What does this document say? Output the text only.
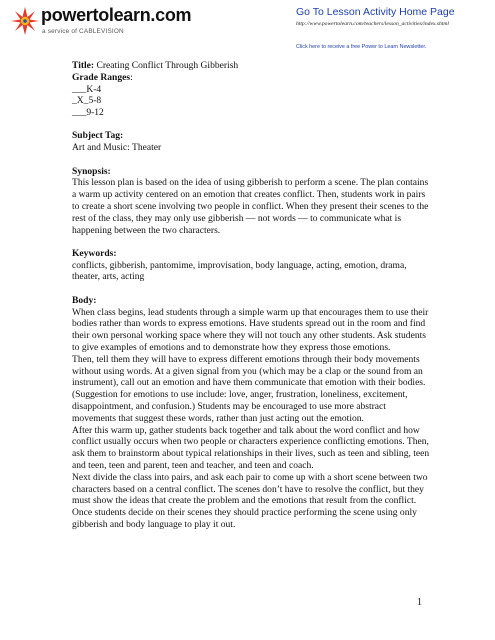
powertolearn.com
a service of CABLEVISION
Go To Lesson Activity Home Page
http://www.powertolearn.com/teachers/lesson_activities/index.shtml
Click here to receive a free Power to Learn Newsletter.

Title: Creating Conflict Through Gibberish

Grade Ranges:

___K-4

_X_5-8

___9-12

Subject Tag:

Art and Music: Theater

Synopsis:

This lesson plan is based on the idea of using gibberish to perform a scene. The plan contains a warm up activity centered on an emotion that creates conflict. Then, students work in pairs to create a short scene involving two people in conflict. When they present their scenes to the rest of the class, they may only use gibberish — not words — to communicate what is happening between the two characters.

Keywords:

conflicts, gibberish, pantomime, improvisation, body language, acting, emotion, drama, theater, arts, acting

Body:

When class begins, lead students through a simple warm up that encourages them to use their bodies rather than words to express emotions. Have students spread out in the room and find their own personal working space where they will not touch any other students. Ask students to give examples of emotions and to demonstrate how they express those emotions.

Then, tell them they will have to express different emotions through their body movements without using words. At a given signal from you (which may be a clap or the sound from an instrument), call out an emotion and have them communicate that emotion with their bodies. (Suggestion for emotions to use include: love, anger, frustration, loneliness, excitement, disappointment, and confusion.) Students may be encouraged to use more abstract movements that suggest these words, rather than just acting out the emotion.

After this warm up, gather students back together and talk about the word conflict and how conflict usually occurs when two people or characters experience conflicting emotions. Then, ask them to brainstorm about typical relationships in their lives, such as teen and sibling, teen and teen, teen and parent, teen and teacher, and teen and coach.

Next divide the class into pairs, and ask each pair to come up with a short scene between two characters based on a central conflict. The scenes don’t have to resolve the conflict, but they must show the ideas that create the problem and the emotions that result from the conflict. Once students decide on their scenes they should practice performing the scene using only gibberish and body language to play it out.

1
